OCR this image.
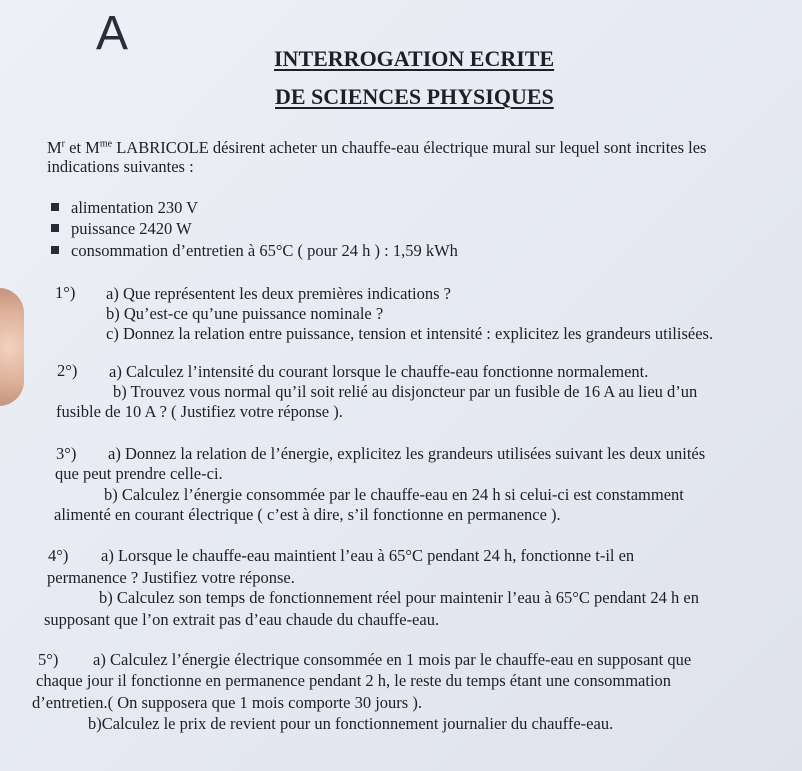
A	INTERROGATION ECRITE
DE SCIENCES PHYSIQUES
$M^r$ et $M^{me}$ LABRICOLE désirent acheter un chauffe-eau électrique mural sur lequel sont incrites les
indications suivantes :
alimentation 230 V
puissance 2420 W
consommation d’entretien à 65°C ( pour 24 h ) : 1,59 kWh
1°) a) Que représentent les deux premières indications ?
b) Qu’est-ce qu’une puissance nominale ?
c) Donnez la relation entre puissance, tension et intensité : explicitez les grandeurs utilisées.
2°) a) Calculez l’intensité du courant lorsque le chauffe-eau fonctionne normalement.
b) Trouvez vous normal qu’il soit relié au disjoncteur par un fusible de 16 A au lieu d’un
fusible de 10 A ? ( Justifiez votre réponse ).
3°) a) Donnez la relation de l’énergie, explicitez les grandeurs utilisées suivant les deux unités
que peut prendre celle-ci.
b) Calculez l’énergie consommée par le chauffe-eau en 24 h si celui-ci est constamment
alimenté en courant électrique ( c’est à dire, s’il fonctionne en permanence ).
4°) a) Lorsque le chauffe-eau maintient l’eau à 65°C pendant 24 h, fonctionne t-il en
permanence ? Justifiez votre réponse.
b) Calculez son temps de fonctionnement réel pour maintenir l’eau à 65°C pendant 24 h en
supposant que l’on extrait pas d’eau chaude du chauffe-eau.
5°) a) Calculez l’énergie électrique consommée en 1 mois par le chauffe-eau en supposant que
chaque jour il fonctionne en permanence pendant 2 h, le reste du temps étant une consommation
d’entretien.( On supposera que 1 mois comporte 30 jours ).
b)Calculez le prix de revient pour un fonctionnement journalier du chauffe-eau.
